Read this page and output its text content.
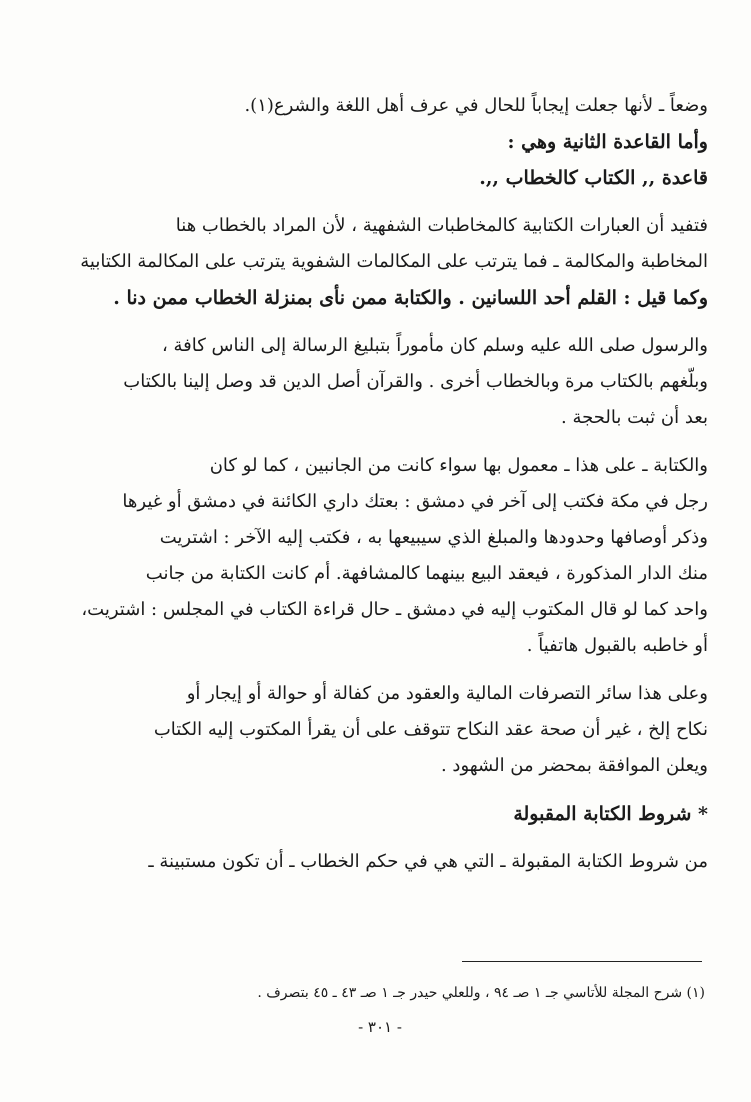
وضعاً ـ لأنها جعلت إيجاباً للحال في عرف أهل اللغة والشرع(١).
وأما القاعدة الثانية وهي :
قاعدة ,, الكتاب كالخطاب ,,.
فتفيد أن العبارات الكتابية كالمخاطبات الشفهية ، لأن المراد بالخطاب هنا
المخاطبة والمكالمة ـ فما يترتب على المكالمات الشفوية يترتب على المكالمة الكتابية
وكما قيل : القلم أحد اللسانين . والكتابة ممن نأى بمنزلة الخطاب ممن دنا .
والرسول صلى الله عليه وسلم كان مأموراً بتبليغ الرسالة إلى الناس كافة ،
وبلّغهم بالكتاب مرة وبالخطاب أخرى . والقرآن أصل الدين قد وصل إلينا بالكتاب
بعد أن ثبت بالحجة .
والكتابة ـ على هذا ـ معمول بها سواء كانت من الجانبين ، كما لو كان
رجل في مكة فكتب إلى آخر في دمشق : بعتك داري الكائنة في دمشق أو غيرها
وذكر أوصافها وحدودها والمبلغ الذي سيبيعها به ، فكتب إليه الآخر : اشتريت
منك الدار المذكورة ، فيعقد البيع بينهما كالمشافهة. أم كانت الكتابة من جانب
واحد كما لو قال المكتوب إليه في دمشق ـ حال قراءة الكتاب في المجلس : اشتريت،
أو خاطبه بالقبول هاتفياً .
وعلى هذا سائر التصرفات المالية والعقود من كفالة أو حوالة أو إيجار أو
نكاح إلخ ، غير أن صحة عقد النكاح تتوقف على أن يقرأ المكتوب إليه الكتاب
ويعلن الموافقة بمحضر من الشهود .
* شروط الكتابة المقبولة
من شروط الكتابة المقبولة ـ التي هي في حكم الخطاب ـ أن تكون مستبينة ـ
(١) شرح المجلة للأتاسي جـ ١ صـ ٩٤ ، وللعلي حيدر جـ ١ صـ ٤٣ ـ ٤٥ بتصرف .
- ٣٠١ -
